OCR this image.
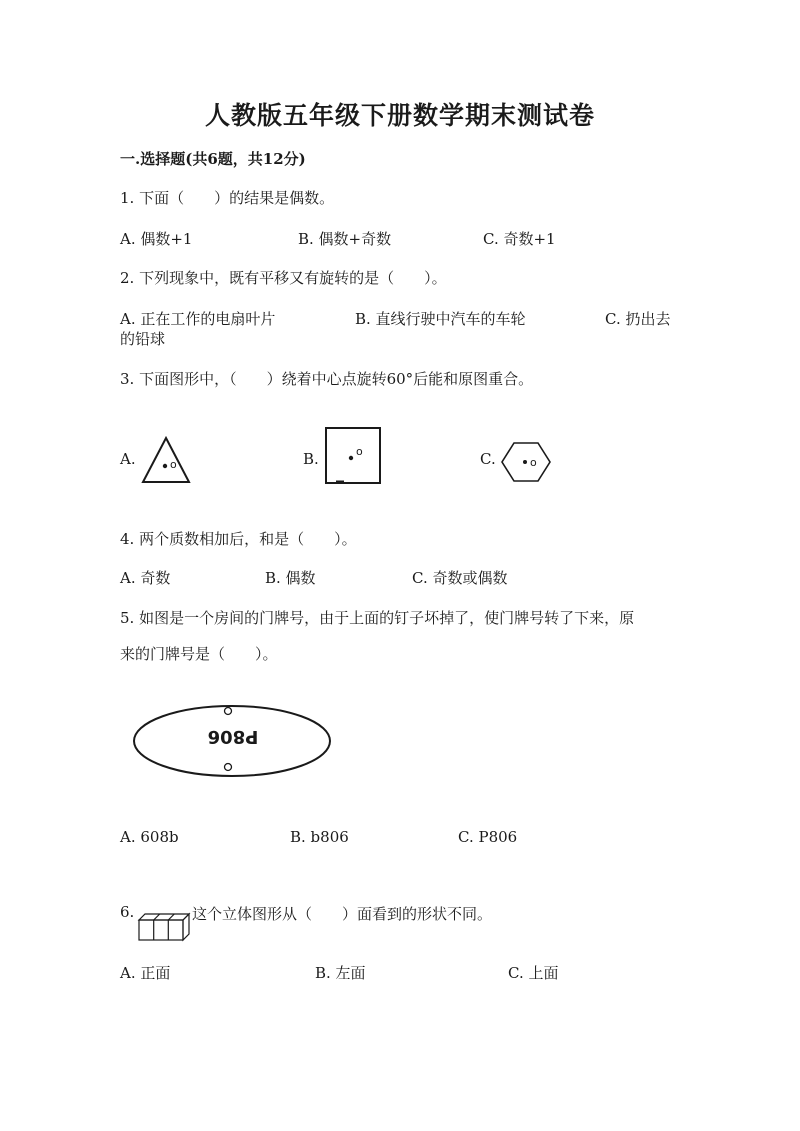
人教版五年级下册数学期末测试卷
一.选择题(共6题，共12分)
1. 下面（　　）的结果是偶数。
A. 偶数+1	B. 偶数+奇数	C. 奇数+1
2. 下列现象中，既有平移又有旋转的是（　　）。
A. 正在工作的电扇叶片	B. 直线行驶中汽车的车轮	C. 扔出去
的铅球
3. 下面图形中，（　　）绕着中心点旋转60°后能和原图重合。
A.	B.	C.
o
o
o
4. 两个质数相加后，和是（　　）。
A. 奇数	B. 偶数	C. 奇数或偶数
5. 如图是一个房间的门牌号，由于上面的钉子坏掉了，使门牌号转了下来，原
来的门牌号是（　　）。
P806
A. 608b	B. b806	C. P806
6.	这个立体图形从（　　）面看到的形状不同。
A. 正面	B. 左面	C. 上面
